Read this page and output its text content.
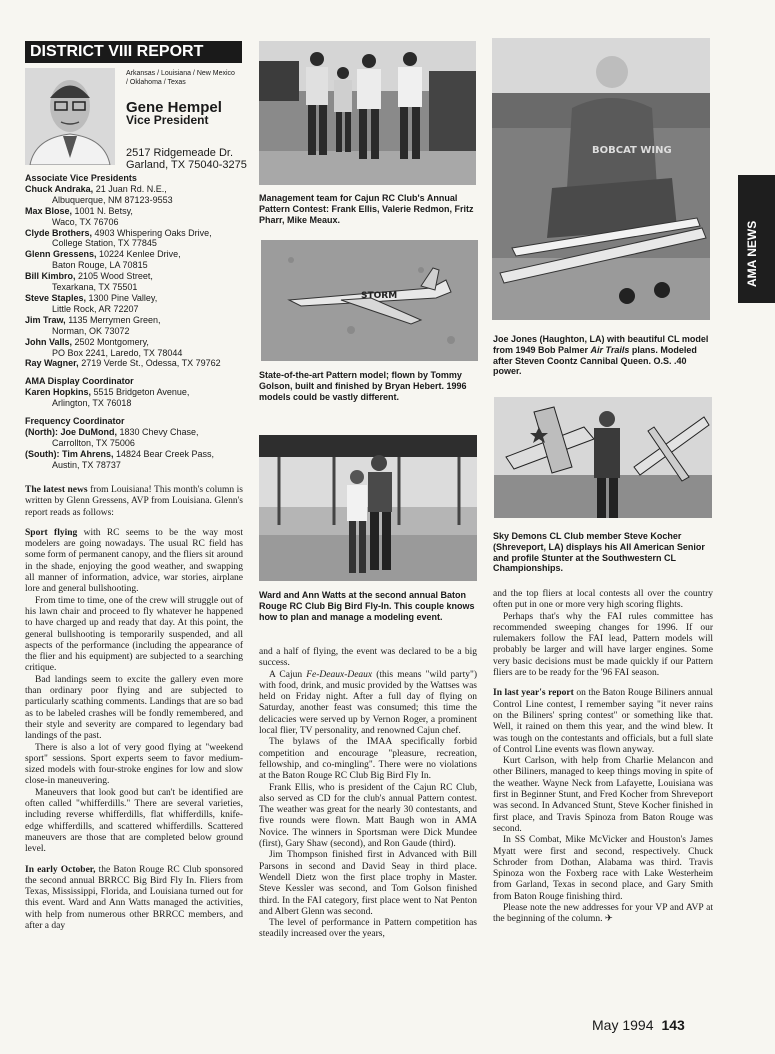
DISTRICT VIII REPORT
Arkansas / Louisiana / New Mexico / Oklahoma / Texas
Gene Hempel
Vice President
2517 Ridgemeade Dr.
Garland, TX 75040-3275
Associate Vice Presidents
Chuck Andraka, 21 Juan Rd. N.E.,
Albuquerque, NM 87123-9553
Max Blose, 1001 N. Betsy,
Waco, TX 76706
Clyde Brothers, 4903 Whispering Oaks Drive,
College Station, TX 77845
Glenn Gressens, 10224 Kenlee Drive,
Baton Rouge, LA 70815
Bill Kimbro, 2105 Wood Street,
Texarkana, TX 75501
Steve Staples, 1300 Pine Valley,
Little Rock, AR 72207
Jim Traw, 1135 Merrymen Green,
Norman, OK 73072
John Valls, 2502 Montgomery,
PO Box 2241, Laredo, TX 78044
Ray Wagner, 2719 Verde St., Odessa, TX 79762
AMA Display Coordinator
Karen Hopkins, 5515 Bridgeton Avenue,
Arlington, TX 76018
Frequency Coordinator
(North): Joe DuMond, 1830 Chevy Chase,
Carrollton, TX 75006
(South): Tim Ahrens, 14824 Bear Creek Pass,
Austin, TX 78737
Management team for Cajun RC Club's Annual Pattern Contest: Frank Ellis, Valerie Redmon, Fritz Pharr, Mike Meaux.
STORM
State-of-the-art Pattern model; flown by Tommy Golson, built and finished by Bryan Hebert. 1996 models could be vastly different.
Ward and Ann Watts at the second annual Baton Rouge RC Club Big Bird Fly-In. This couple knows how to plan and manage a modeling event.
BOBCAT WING
Joe Jones (Haughton, LA) with beautiful CL model from 1949 Bob Palmer Air Trails plans. Modeled after Steven Coontz Cannibal Queen. O.S. .40 power.
Sky Demons CL Club member Steve Kocher (Shreveport, LA) displays his All American Senior and profile Stunter at the Southwestern CL Championships.
AMA NEWS

The latest news from Louisiana! This month's column is written by Glenn Gressens, AVP from Louisiana. Glenn's report reads as follows:

Sport flying with RC seems to be the way most modelers are going nowadays. The usual RC field has some form of permanent canopy, and the fliers sit around in the shade, enjoying the good weather, and swapping all manner of information, advice, war stories, airplane lore and general bullshooting.

From time to time, one of the crew will struggle out of his lawn chair and proceed to fly whatever he happened to have charged up and ready that day. At this point, the general bullshooting is temporarily suspended, and all aspects of the performance (including the appearance of the flier and his equipment) are subjected to a searching critique.

Bad landings seem to excite the gallery even more than ordinary poor flying and are subjected to particularly scathing comments. Landings that are so bad as to be labeled crashes will be fondly remembered, and their style and severity are compared to legendary bad landings of the past.

There is also a lot of very good flying at "weekend sport" sessions. Sport experts seem to favor medium-sized models with four-stroke engines for low and slow close-in maneuvering.

Maneuvers that look good but can't be identified are often called "whifferdills." There are several varieties, including reverse whifferdills, flat whifferdills, knife-edge whifferdills, and scattered whifferdills. Scattered maneuvers are those that are completed below ground level.

In early October, the Baton Rouge RC Club sponsored the second annual BRRCC Big Bird Fly In. Fliers from Texas, Mississippi, Florida, and Louisiana turned out for this event. Ward and Ann Watts managed the activities, with help from numerous other BRRCC members, and after a day

and a half of flying, the event was declared to be a big success.

A Cajun Fe-Deaux-Deaux (this means "wild party") with food, drink, and music provided by the Wattses was held on Friday night. After a full day of flying on Saturday, another feast was consumed; this time the delicacies were served up by Vernon Roger, a prominent local flier, TV personality, and renowned Cajun chef.

The bylaws of the IMAA specifically forbid competition and encourage "pleasure, recreation, fellowship, and co-mingling". There were no violations at the Baton Rouge RC Club Big Bird Fly In.

Frank Ellis, who is president of the Cajun RC Club, also served as CD for the club's annual Pattern contest. The weather was great for the nearly 30 contestants, and five rounds were flown. Matt Baugh won in AMA Novice. The winners in Sportsman were Dick Mundee (first), Gary Shaw (second), and Ron Gaude (third).

Jim Thompson finished first in Advanced with Bill Parsons in second and David Seay in third place. Wendell Dietz won the first place trophy in Master. Steve Kessler was second, and Tom Golson finished third. In the FAI category, first place went to Nat Penton and Albert Glenn was second.

The level of performance in Pattern competition has steadily increased over the years,

and the top fliers at local contests all over the country often put in one or more very high scoring flights.

Perhaps that's why the FAI rules committee has recommended sweeping changes for 1996. If our rulemakers follow the FAI lead, Pattern models will probably be larger and will have larger engines. Some very basic decisions must be made quickly if our Pattern fliers are to be ready for the '96 FAI season.

In last year's report on the Baton Rouge Biliners annual Control Line contest, I remember saying "it never rains on the Biliners' spring contest" or something like that. Well, it rained on them this year, and the wind blew. It was tough on the contestants and officials, but a full slate of Control Line events was flown anyway.

Kurt Carlson, with help from Charlie Melancon and other Biliners, managed to keep things moving in spite of the weather. Wayne Neck from Lafayette, Louisiana was first in Beginner Stunt, and Fred Kocher from Shreveport was second. In Advanced Stunt, Steve Kocher finished in first place, and Travis Spinoza from Baton Rouge was second.

In SS Combat, Mike McVicker and Houston's James Myatt were first and second, respectively. Chuck Schroder from Dothan, Alabama was third. Travis Spinoza won the Foxberg race with Lake Westerheim from Garland, Texas in second place, and Gary Smith from Baton Rouge finishing third.

Please note the new addresses for your VP and AVP at the beginning of the column. ✈

May 1994 143
